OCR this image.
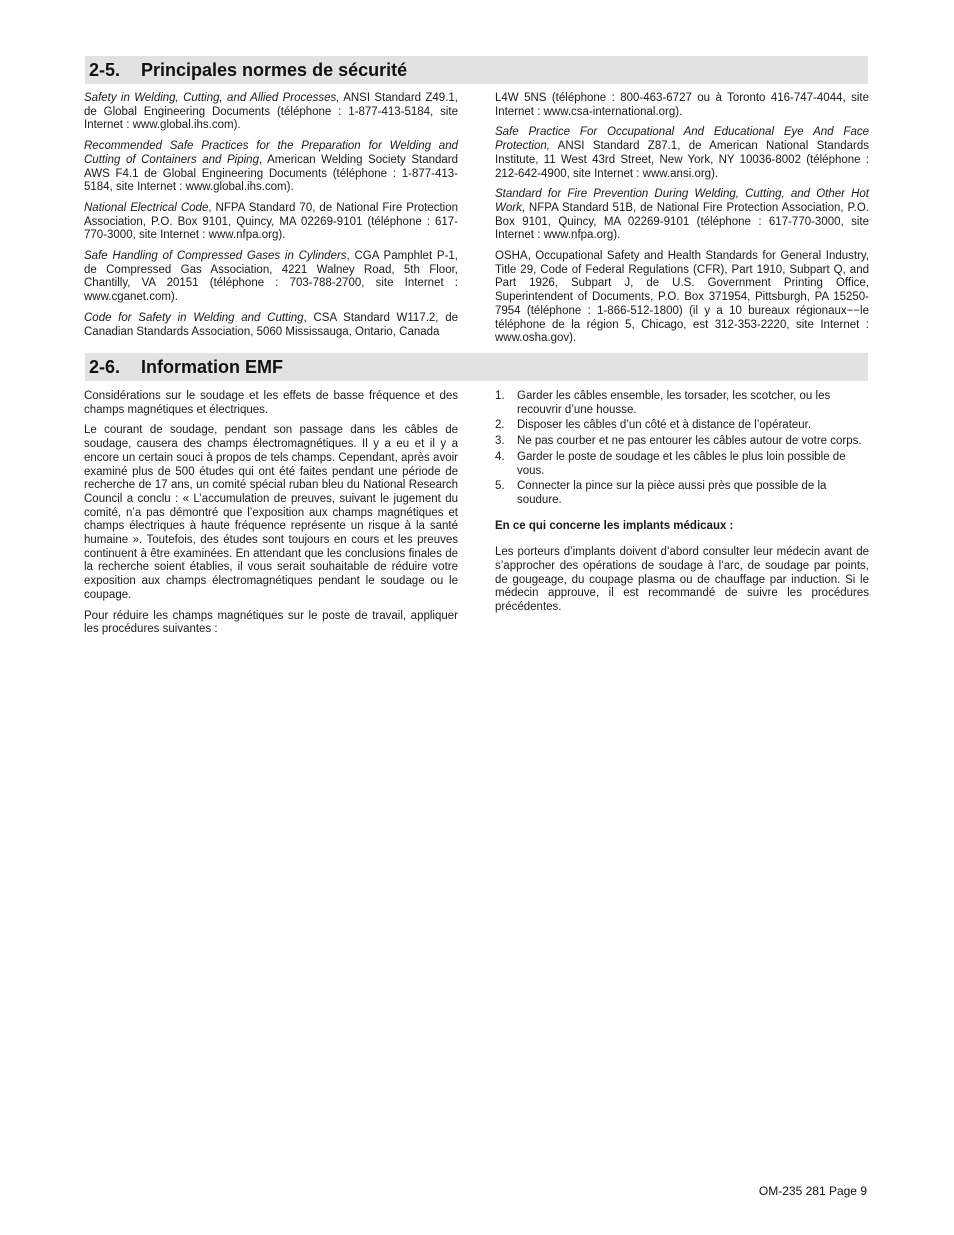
2-5. Principales normes de sécurité

Safety in Welding, Cutting, and Allied Processes, ANSI Standard Z49.1, de Global Engineering Documents (téléphone : 1-877-413-5184, site Internet : www.global.ihs.com).

Recommended Safe Practices for the Preparation for Welding and Cutting of Containers and Piping, American Welding Society Standard AWS F4.1 de Global Engineering Documents (téléphone : 1-877-413-5184, site Internet : www.global.ihs.com).

National Electrical Code, NFPA Standard 70, de National Fire Protection Association, P.O. Box 9101, Quincy, MA 02269-9101 (téléphone : 617-770-3000, site Internet : www.nfpa.org).

Safe Handling of Compressed Gases in Cylinders, CGA Pamphlet P-1, de Compressed Gas Association, 4221 Walney Road, 5th Floor, Chantilly, VA 20151 (téléphone : 703-788-2700, site Internet : www.cganet.com).

Code for Safety in Welding and Cutting, CSA Standard W117.2, de Canadian Standards Association, 5060 Mississauga, Ontario, Canada

L4W 5NS (téléphone : 800-463-6727 ou à Toronto 416-747-4044, site Internet : www.csa-international.org).

Safe Practice For Occupational And Educational Eye And Face Protection, ANSI Standard Z87.1, de American National Standards Institute, 11 West 43rd Street, New York, NY 10036-8002 (téléphone : 212-642-4900, site Internet : www.ansi.org).

Standard for Fire Prevention During Welding, Cutting, and Other Hot Work, NFPA Standard 51B, de National Fire Protection Association, P.O. Box 9101, Quincy, MA 02269-9101 (téléphone : 617-770-3000, site Internet : www.nfpa.org).

OSHA, Occupational Safety and Health Standards for General Industry, Title 29, Code of Federal Regulations (CFR), Part 1910, Subpart Q, and Part 1926, Subpart J, de U.S. Government Printing Office, Superintendent of Documents, P.O. Box 371954, Pittsburgh, PA 15250-7954 (téléphone : 1-866-512-1800) (il y a 10 bureaux régionaux−−le téléphone de la région 5, Chicago, est 312-353-2220, site Internet : www.osha.gov).

2-6. Information EMF

Considérations sur le soudage et les effets de basse fréquence et des champs magnétiques et électriques.

Le courant de soudage, pendant son passage dans les câbles de soudage, causera des champs électromagnétiques. Il y a eu et il y a encore un certain souci à propos de tels champs. Cependant, après avoir examiné plus de 500 études qui ont été faites pendant une période de recherche de 17 ans, un comité spécial ruban bleu du National Research Council a conclu : « L’accumulation de preuves, suivant le jugement du comité, n’a pas démontré que l’exposition aux champs magnétiques et champs électriques à haute fréquence représente un risque à la santé humaine ». Toutefois, des études sont toujours en cours et les preuves continuent à être examinées. En attendant que les conclusions finales de la recherche soient établies, il vous serait souhaitable de réduire votre exposition aux champs électromagnétiques pendant le soudage ou le coupage.

Pour réduire les champs magnétiques sur le poste de travail, appliquer les procédures suivantes :

1. Garder les câbles ensemble, les torsader, les scotcher, ou les recouvrir d’une housse.
2. Disposer les câbles d’un côté et à distance de l’opérateur.
3. Ne pas courber et ne pas entourer les câbles autour de votre corps.
4. Garder le poste de soudage et les câbles le plus loin possible de vous.
5. Connecter la pince sur la pièce aussi près que possible de la soudure.

En ce qui concerne les implants médicaux :

Les porteurs d’implants doivent d’abord consulter leur médecin avant de s’approcher des opérations de soudage à l’arc, de soudage par points, de gougeage, du coupage plasma ou de chauffage par induction. Si le médecin approuve, il est recommandé de suivre les procédures précédentes.

OM-235 281 Page 9
